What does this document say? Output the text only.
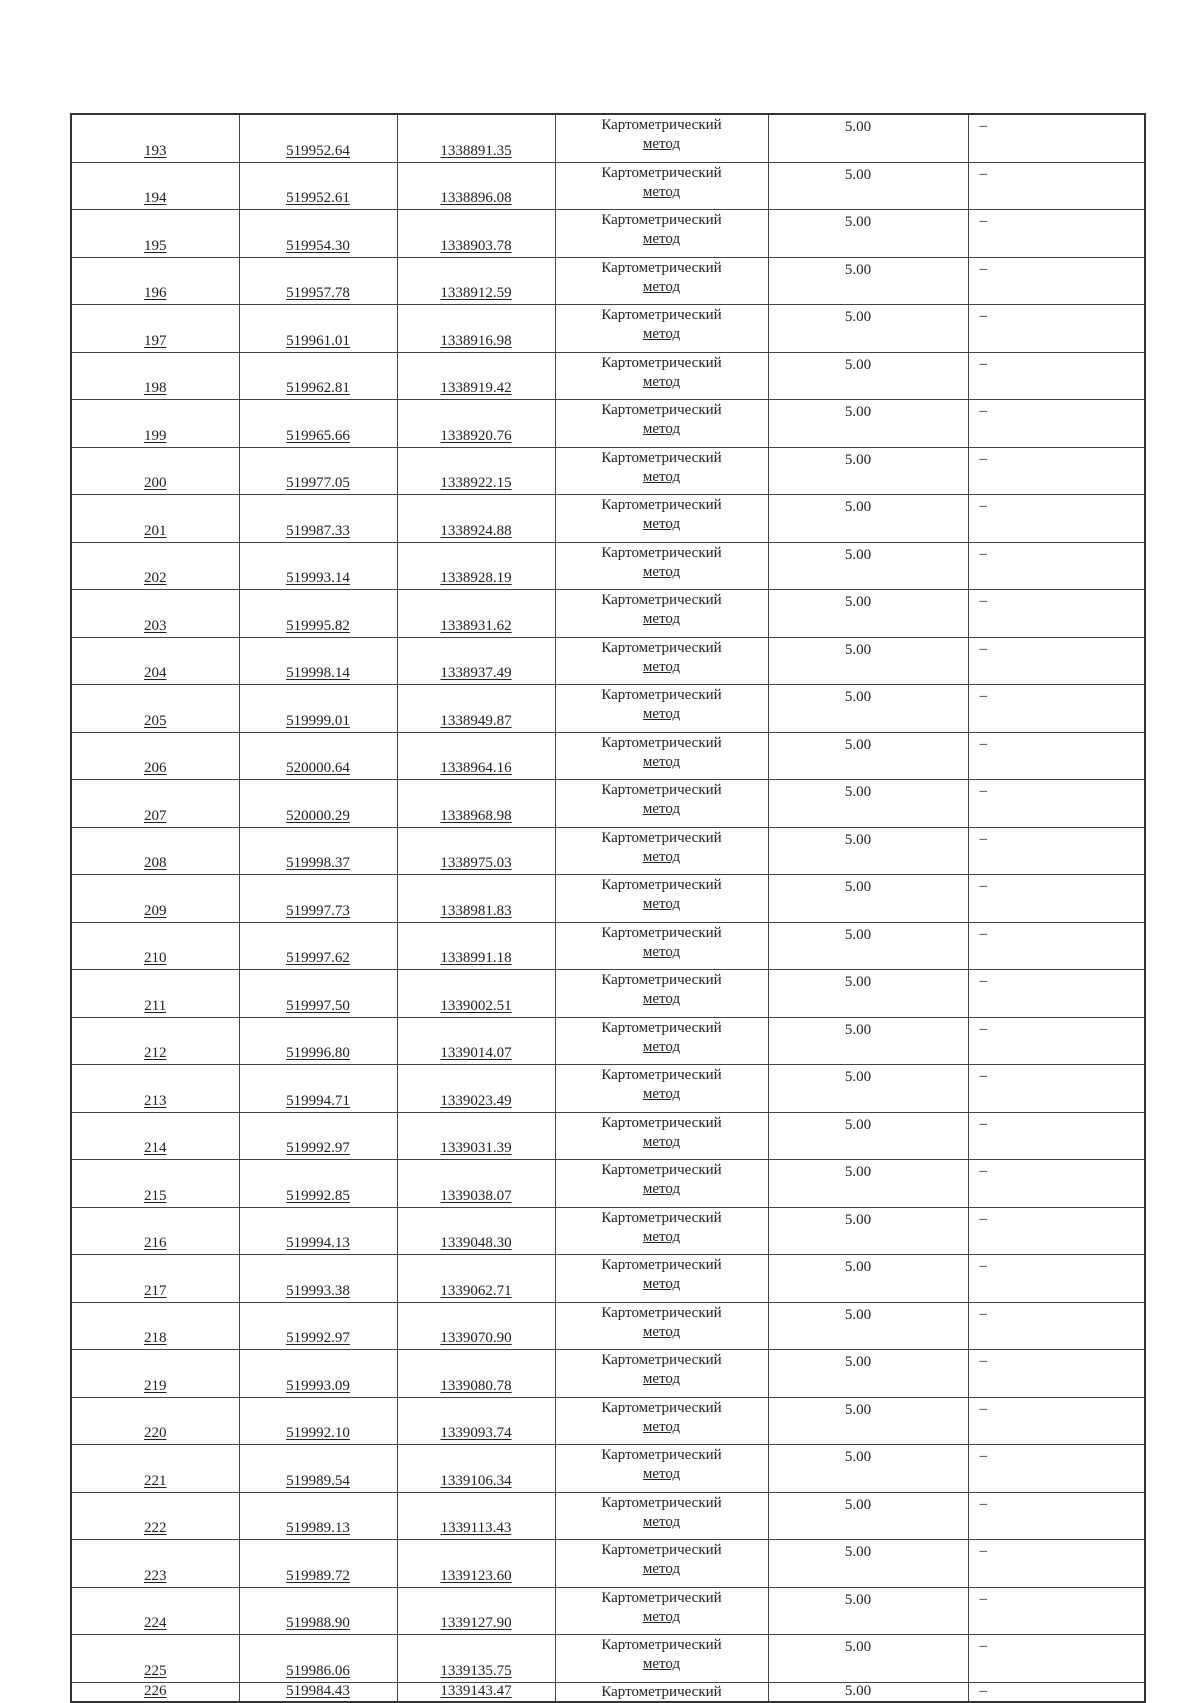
193	519952.64	1338891.35	Картометрический
метод	5.00	–
194	519952.61	1338896.08	Картометрический
метод	5.00	–
195	519954.30	1338903.78	Картометрический
метод	5.00	–
196	519957.78	1338912.59	Картометрический
метод	5.00	–
197	519961.01	1338916.98	Картометрический
метод	5.00	–
198	519962.81	1338919.42	Картометрический
метод	5.00	–
199	519965.66	1338920.76	Картометрический
метод	5.00	–
200	519977.05	1338922.15	Картометрический
метод	5.00	–
201	519987.33	1338924.88	Картометрический
метод	5.00	–
202	519993.14	1338928.19	Картометрический
метод	5.00	–
203	519995.82	1338931.62	Картометрический
метод	5.00	–
204	519998.14	1338937.49	Картометрический
метод	5.00	–
205	519999.01	1338949.87	Картометрический
метод	5.00	–
206	520000.64	1338964.16	Картометрический
метод	5.00	–
207	520000.29	1338968.98	Картометрический
метод	5.00	–
208	519998.37	1338975.03	Картометрический
метод	5.00	–
209	519997.73	1338981.83	Картометрический
метод	5.00	–
210	519997.62	1338991.18	Картометрический
метод	5.00	–
211	519997.50	1339002.51	Картометрический
метод	5.00	–
212	519996.80	1339014.07	Картометрический
метод	5.00	–
213	519994.71	1339023.49	Картометрический
метод	5.00	–
214	519992.97	1339031.39	Картометрический
метод	5.00	–
215	519992.85	1339038.07	Картометрический
метод	5.00	–
216	519994.13	1339048.30	Картометрический
метод	5.00	–
217	519993.38	1339062.71	Картометрический
метод	5.00	–
218	519992.97	1339070.90	Картометрический
метод	5.00	–
219	519993.09	1339080.78	Картометрический
метод	5.00	–
220	519992.10	1339093.74	Картометрический
метод	5.00	–
221	519989.54	1339106.34	Картометрический
метод	5.00	–
222	519989.13	1339113.43	Картометрический
метод	5.00	–
223	519989.72	1339123.60	Картометрический
метод	5.00	–
224	519988.90	1339127.90	Картометрический
метод	5.00	–
225	519986.06	1339135.75	Картометрический
метод	5.00	–
226	519984.43	1339143.47	Картометрический	5.00	–
